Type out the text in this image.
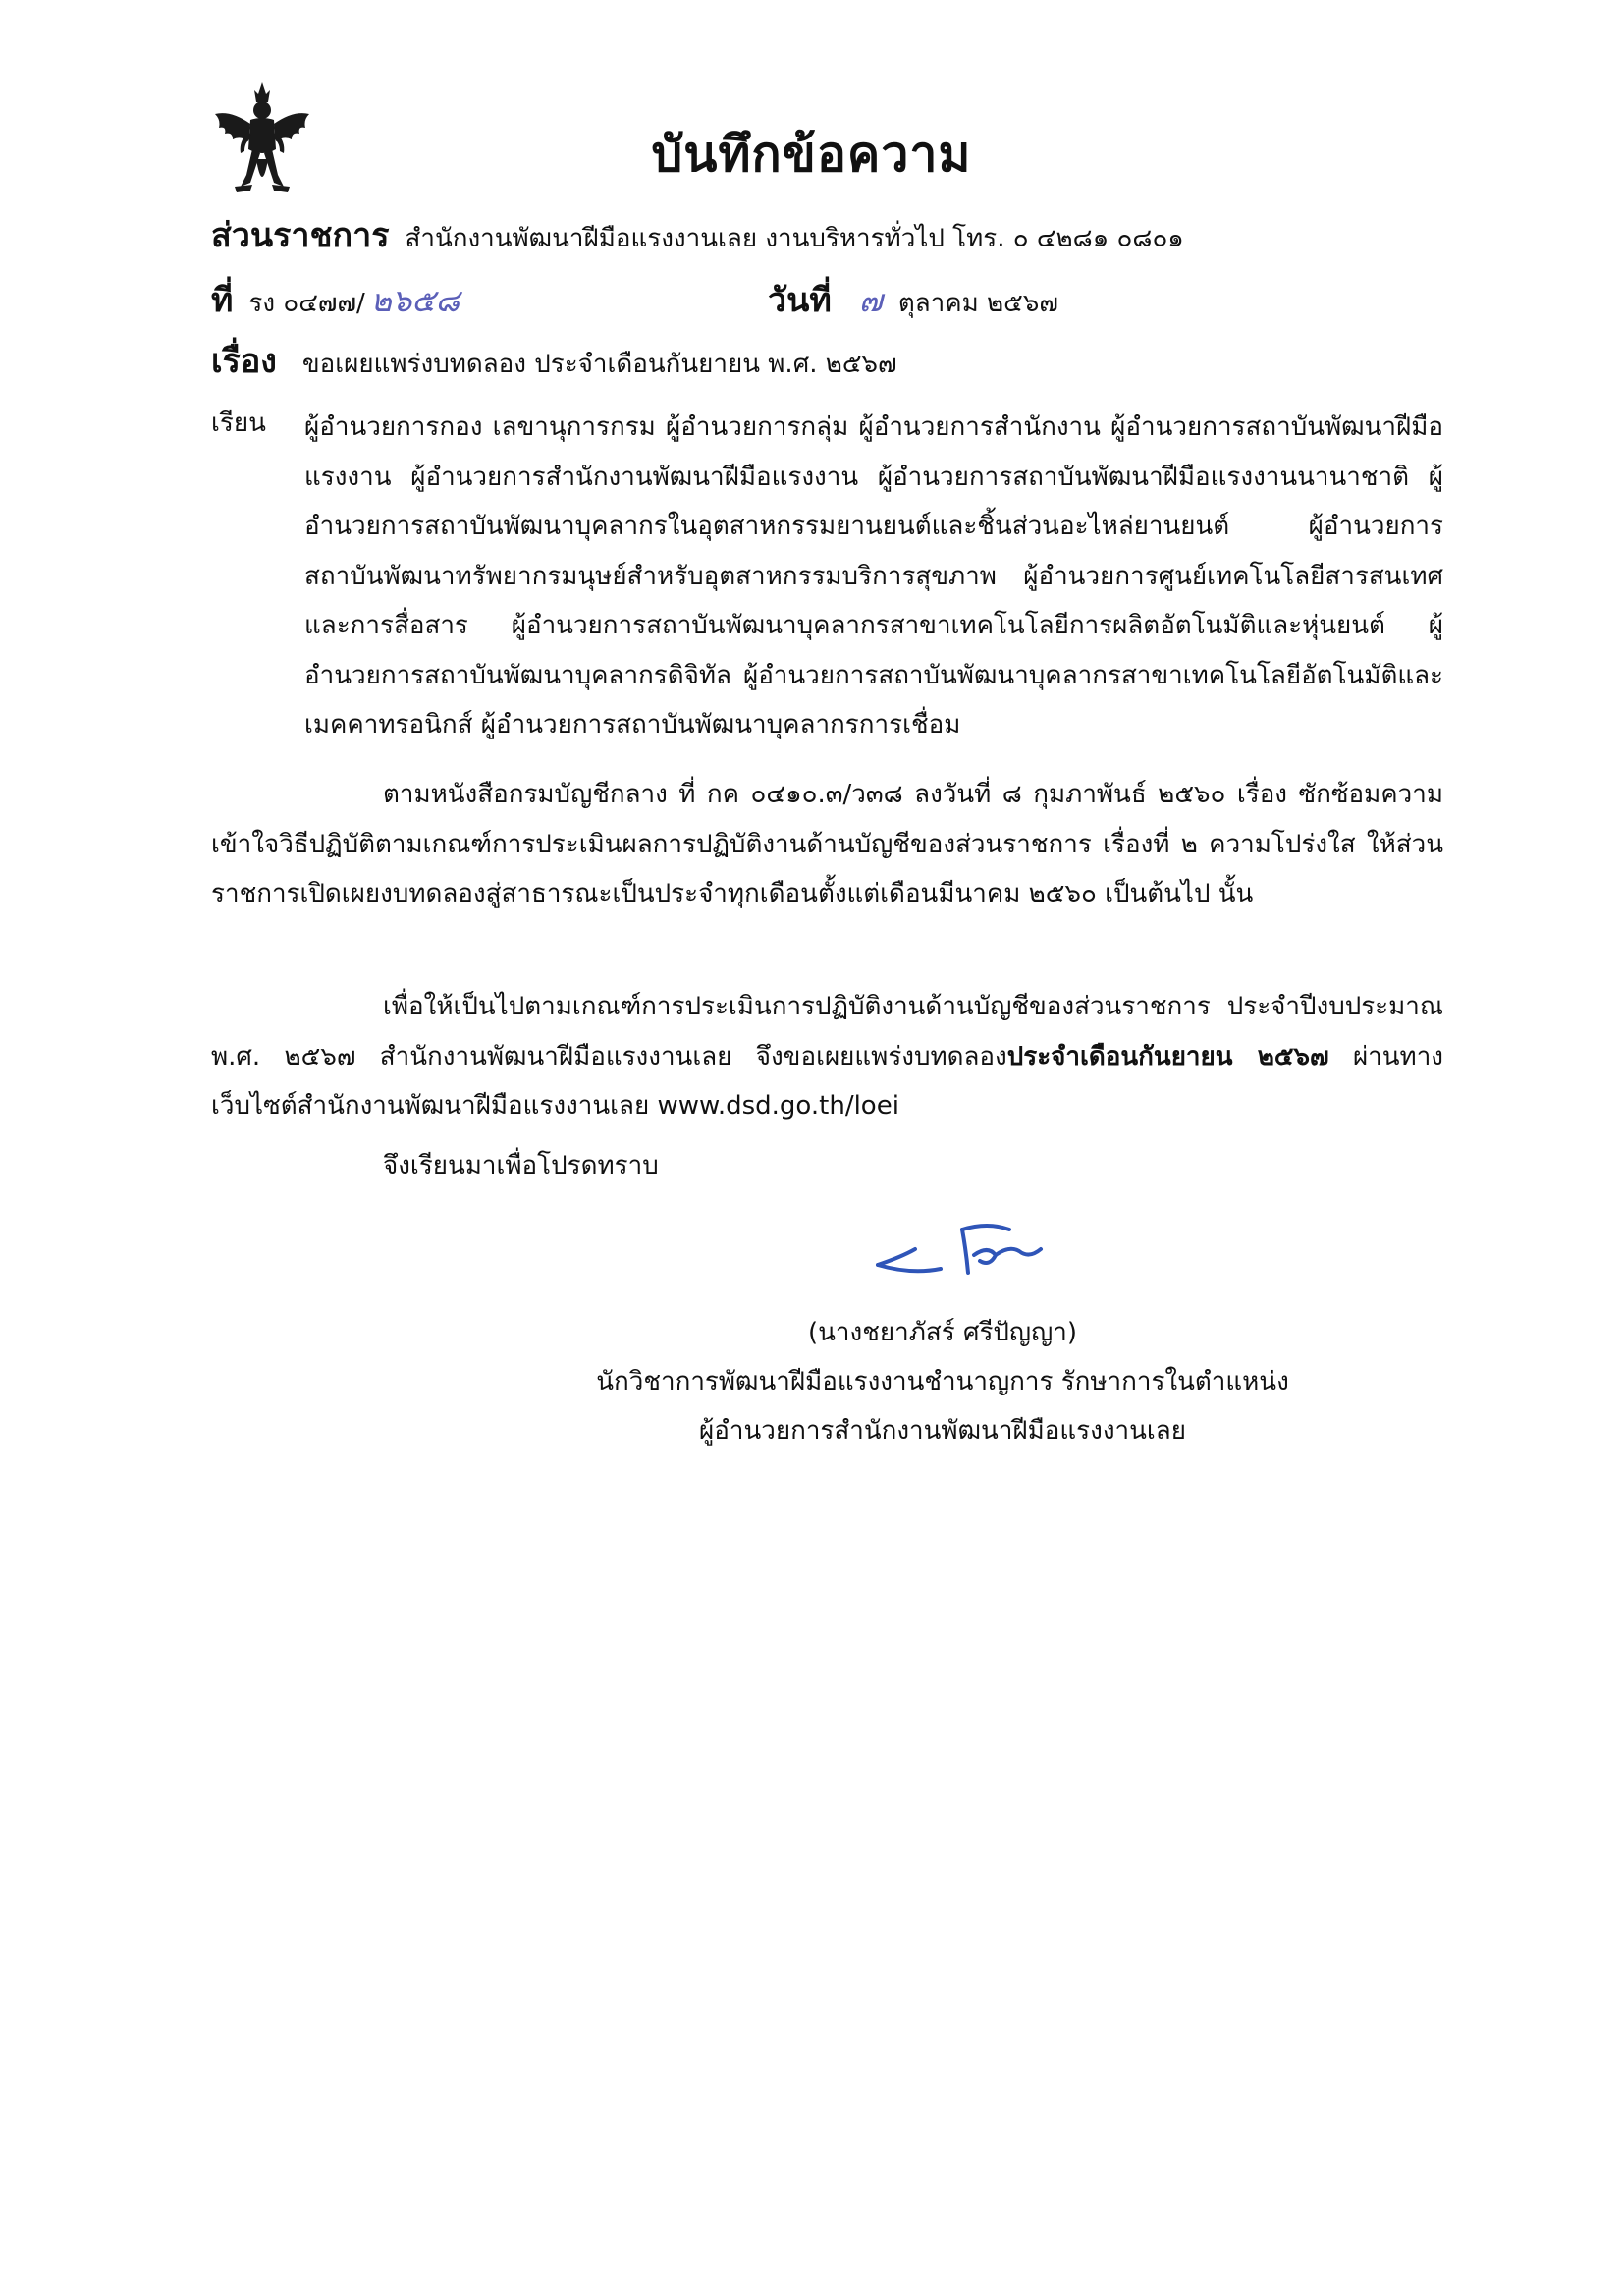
บันทึกข้อความ
ส่วนราชการ สำนักงานพัฒนาฝีมือแรงงานเลย งานบริหารทั่วไป โทร. ๐ ๔๒๘๑ ๐๘๐๑
ที่ รง ๐๔๗๗/ ๒๖๕๘	วันที่ ๗ ตุลาคม ๒๕๖๗
เรื่อง ขอเผยแพร่งบทดลอง ประจำเดือนกันยายน พ.ศ. ๒๕๖๗
เรียน ผู้อำนวยการกอง เลขานุการกรม ผู้อำนวยการกลุ่ม ผู้อำนวยการสำนักงาน ผู้อำนวยการสถาบันพัฒนาฝีมือแรงงาน ผู้อำนวยการสำนักงานพัฒนาฝีมือแรงงาน ผู้อำนวยการสถาบันพัฒนาฝีมือแรงงานนานาชาติ ผู้อำนวยการสถาบันพัฒนาบุคลากรในอุตสาหกรรมยานยนต์และชิ้นส่วนอะไหล่ยานยนต์ ผู้อำนวยการสถาบันพัฒนาทรัพยากรมนุษย์สำหรับอุตสาหกรรมบริการสุขภาพ ผู้อำนวยการศูนย์เทคโนโลยีสารสนเทศและการสื่อสาร ผู้อำนวยการสถาบันพัฒนาบุคลากรสาขาเทคโนโลยีการผลิตอัตโนมัติและหุ่นยนต์ ผู้อำนวยการสถาบันพัฒนาบุคลากรดิจิทัล ผู้อำนวยการสถาบันพัฒนาบุคลากรสาขาเทคโนโลยีอัตโนมัติและเมคคาทรอนิกส์ ผู้อำนวยการสถาบันพัฒนาบุคลากรการเชื่อม
ตามหนังสือกรมบัญชีกลาง ที่ กค ๐๔๑๐.๓/ว๓๘ ลงวันที่ ๘ กุมภาพันธ์ ๒๕๖๐ เรื่อง ซักซ้อมความเข้าใจวิธีปฏิบัติตามเกณฑ์การประเมินผลการปฏิบัติงานด้านบัญชีของส่วนราชการ เรื่องที่ ๒ ความโปร่งใส ให้ส่วนราชการเปิดเผยงบทดลองสู่สาธารณะเป็นประจำทุกเดือนตั้งแต่เดือนมีนาคม ๒๕๖๐ เป็นต้นไป นั้น
เพื่อให้เป็นไปตามเกณฑ์การประเมินการปฏิบัติงานด้านบัญชีของส่วนราชการ ประจำปีงบประมาณ พ.ศ. ๒๕๖๗ สำนักงานพัฒนาฝีมือแรงงานเลย จึงขอเผยแพร่งบทดลองประจำเดือนกันยายน ๒๕๖๗ ผ่านทางเว็บไซต์สำนักงานพัฒนาฝีมือแรงงานเลย www.dsd.go.th/loei
จึงเรียนมาเพื่อโปรดทราบ
(นางชยาภัสร์ ศรีปัญญา)
นักวิชาการพัฒนาฝีมือแรงงานชำนาญการ รักษาการในตำแหน่ง
ผู้อำนวยการสำนักงานพัฒนาฝีมือแรงงานเลย
